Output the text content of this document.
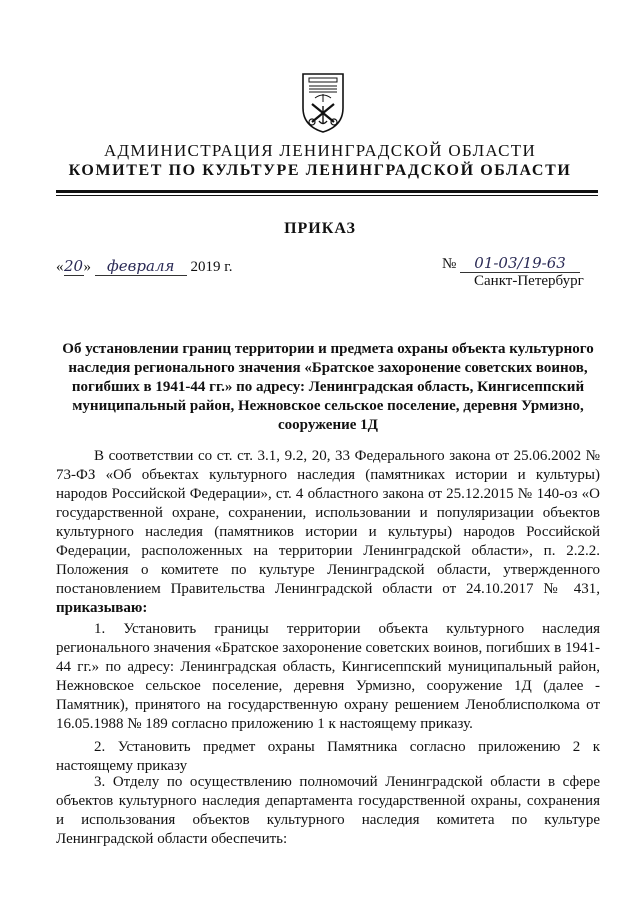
АДМИНИСТРАЦИЯ ЛЕНИНГРАДСКОЙ ОБЛАСТИ
КОМИТЕТ ПО КУЛЬТУРЕ ЛЕНИНГРАДСКОЙ ОБЛАСТИ
ПРИКАЗ
«20» февраля 2019 г.	№ 01-03/19-63
Санкт-Петербург
Об установлении границ территории и предмета охраны объекта культурного наследия регионального значения «Братское захоронение советских воинов, погибших в 1941-44 гг.» по адресу: Ленинградская область, Кингисеппский муниципальный район, Нежновское сельское поселение, деревня Урмизно, сооружение 1Д
В соответствии со ст. ст. 3.1, 9.2, 20, 33 Федерального закона от 25.06.2002 № 73-ФЗ «Об объектах культурного наследия (памятниках истории и культуры) народов Российской Федерации», ст. 4 областного закона от 25.12.2015 № 140-оз «О государственной охране, сохранении, использовании и популяризации объектов культурного наследия (памятников истории и культуры) народов Российской Федерации, расположенных на территории Ленинградской области», п. 2.2.2. Положения о комитете по культуре Ленинградской области, утвержденного постановлением Правительства Ленинградской области от 24.10.2017 № 431, приказываю:
1. Установить границы территории объекта культурного наследия регионального значения «Братское захоронение советских воинов, погибших в 1941-44 гг.» по адресу: Ленинградская область, Кингисеппский муниципальный район, Нежновское сельское поселение, деревня Урмизно, сооружение 1Д (далее - Памятник), принятого на государственную охрану решением Леноблисполкома от 16.05.1988 № 189 согласно приложению 1 к настоящему приказу.
2. Установить предмет охраны Памятника согласно приложению 2 к настоящему приказу
3. Отделу по осуществлению полномочий Ленинградской области в сфере объектов культурного наследия департамента государственной охраны, сохранения и использования объектов культурного наследия комитета по культуре Ленинградской области обеспечить:
